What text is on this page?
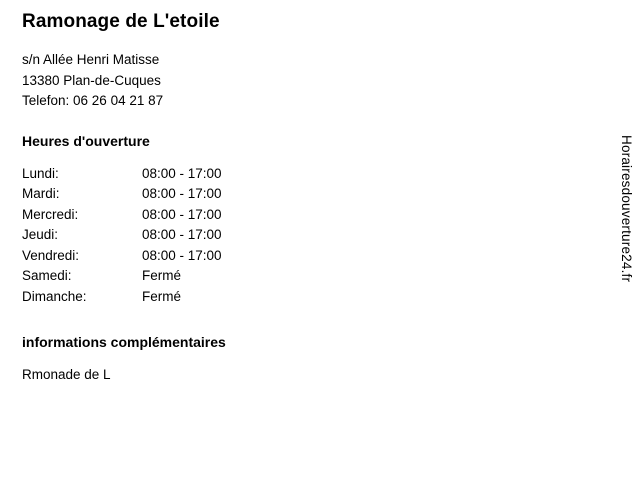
Ramonage de L'etoile
s/n Allée Henri Matisse
13380 Plan-de-Cuques
Telefon: 06 26 04 21 87
Heures d'ouverture
Lundi:	08:00 - 17:00
Mardi:	08:00 - 17:00
Mercredi:	08:00 - 17:00
Jeudi:	08:00 - 17:00
Vendredi:	08:00 - 17:00
Samedi:	Fermé
Dimanche:	Fermé
informations complémentaires
Rmonade de L
Horairesdouverture24.fr
